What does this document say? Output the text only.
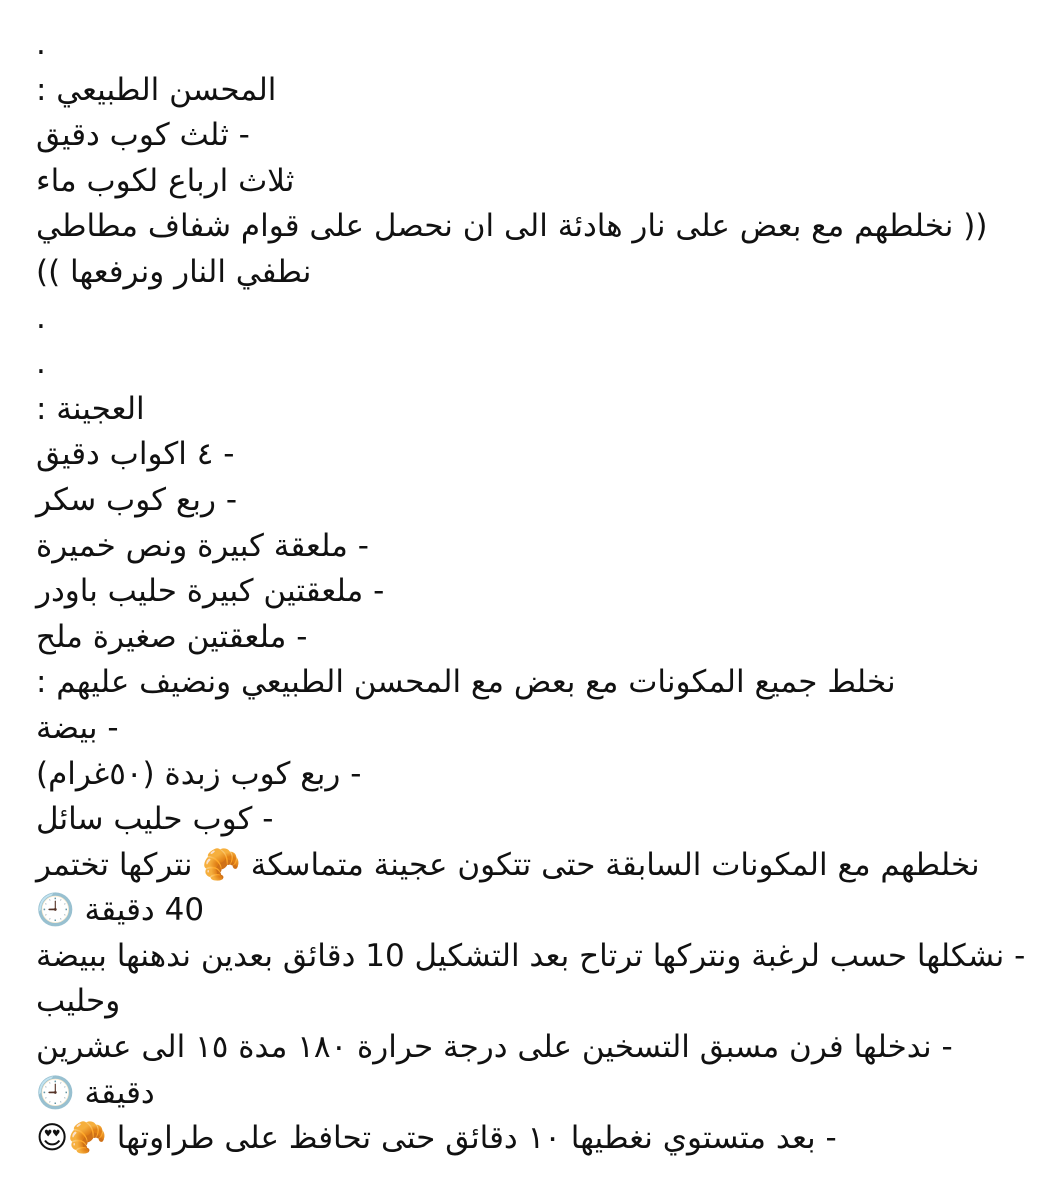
.
المحسن الطبيعي :
- ثلث كوب دقيق
ثلاث ارباع لكوب ماء
(( نخلطهم مع بعض على نار هادئة الى ان نحصل على قوام شفاف مطاطي نطفي النار ونرفعها ))
.
.
العجينة :
- ٤ اكواب دقيق
- ربع كوب سكر
- ملعقة كبيرة ونص خميرة
- ملعقتين كبيرة حليب باودر
- ملعقتين صغيرة ملح
نخلط جميع المكونات مع بعض مع المحسن الطبيعي ونضيف عليهم :
- بيضة
- ربع كوب زبدة (٥٠غرام)
- كوب حليب سائل
نخلطهم مع المكونات السابقة حتى تتكون عجينة متماسكة 🥐 نتركها تختمر 40 دقيقة 🕘
- نشكلها حسب لرغبة ونتركها ترتاح بعد التشكيل 10 دقائق بعدين ندهنها ببيضة وحليب
- ندخلها فرن مسبق التسخين على درجة حرارة ١٨٠ مدة ١٥ الى عشرين دقيقة 🕘
- بعد متستوي نغطيها ١٠ دقائق حتى تحافظ على طراوتها 🥐😍
